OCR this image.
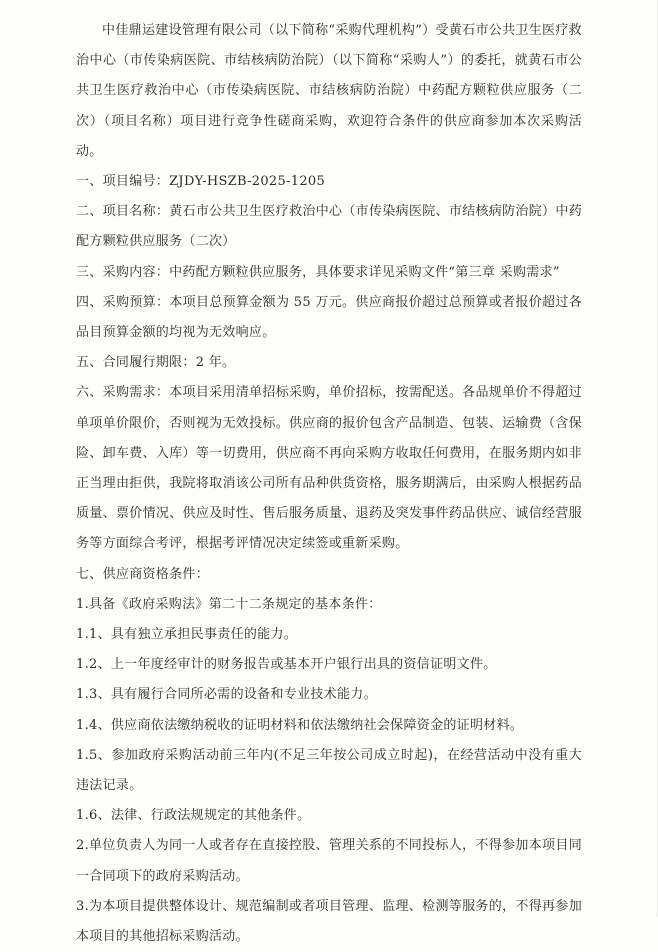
中佳鼎运建设管理有限公司（以下简称“采购代理机构”）受黄石市公共卫生医疗救治中心（市传染病医院、市结核病防治院）（以下简称“采购人”）的委托，就黄石市公共卫生医疗救治中心（市传染病医院、市结核病防治院）中药配方颗粒供应服务（二次）（项目名称）项目进行竞争性磋商采购，欢迎符合条件的供应商参加本次采购活动。

一、项目编号：ZJDY-HSZB-2025-1205

二、项目名称：黄石市公共卫生医疗救治中心（市传染病医院、市结核病防治院）中药配方颗粒供应服务（二次）

三、采购内容：中药配方颗粒供应服务，具体要求详见采购文件“第三章 采购需求”

四、采购预算：本项目总预算金额为 55 万元。供应商报价超过总预算或者报价超过各品目预算金额的均视为无效响应。

五、合同履行期限：2 年。

六、采购需求：本项目采用清单招标采购，单价招标，按需配送。各品规单价不得超过单项单价限价，否则视为无效投标。供应商的报价包含产品制造、包装、运输费（含保险、卸车费、入库）等一切费用，供应商不再向采购方收取任何费用，在服务期内如非正当理由拒供，我院将取消该公司所有品种供货资格，服务期满后，由采购人根据药品质量、票价情况、供应及时性、售后服务质量、退药及突发事件药品供应、诚信经营服务等方面综合考评，根据考评情况决定续签或重新采购。

七、供应商资格条件：

1.具备《政府采购法》第二十二条规定的基本条件：

1.1、具有独立承担民事责任的能力。

1.2、上一年度经审计的财务报告或基本开户银行出具的资信证明文件。

1.3、具有履行合同所必需的设备和专业技术能力。

1.4、供应商依法缴纳税收的证明材料和依法缴纳社会保障资金的证明材料。

1.5、参加政府采购活动前三年内(不足三年按公司成立时起)，在经营活动中没有重大违法记录。

1.6、法律、行政法规规定的其他条件。

2.单位负责人为同一人或者存在直接控股、管理关系的不同投标人，不得参加本项目同一合同项下的政府采购活动。

3.为本项目提供整体设计、规范编制或者项目管理、监理、检测等服务的，不得再参加本项目的其他招标采购活动。
